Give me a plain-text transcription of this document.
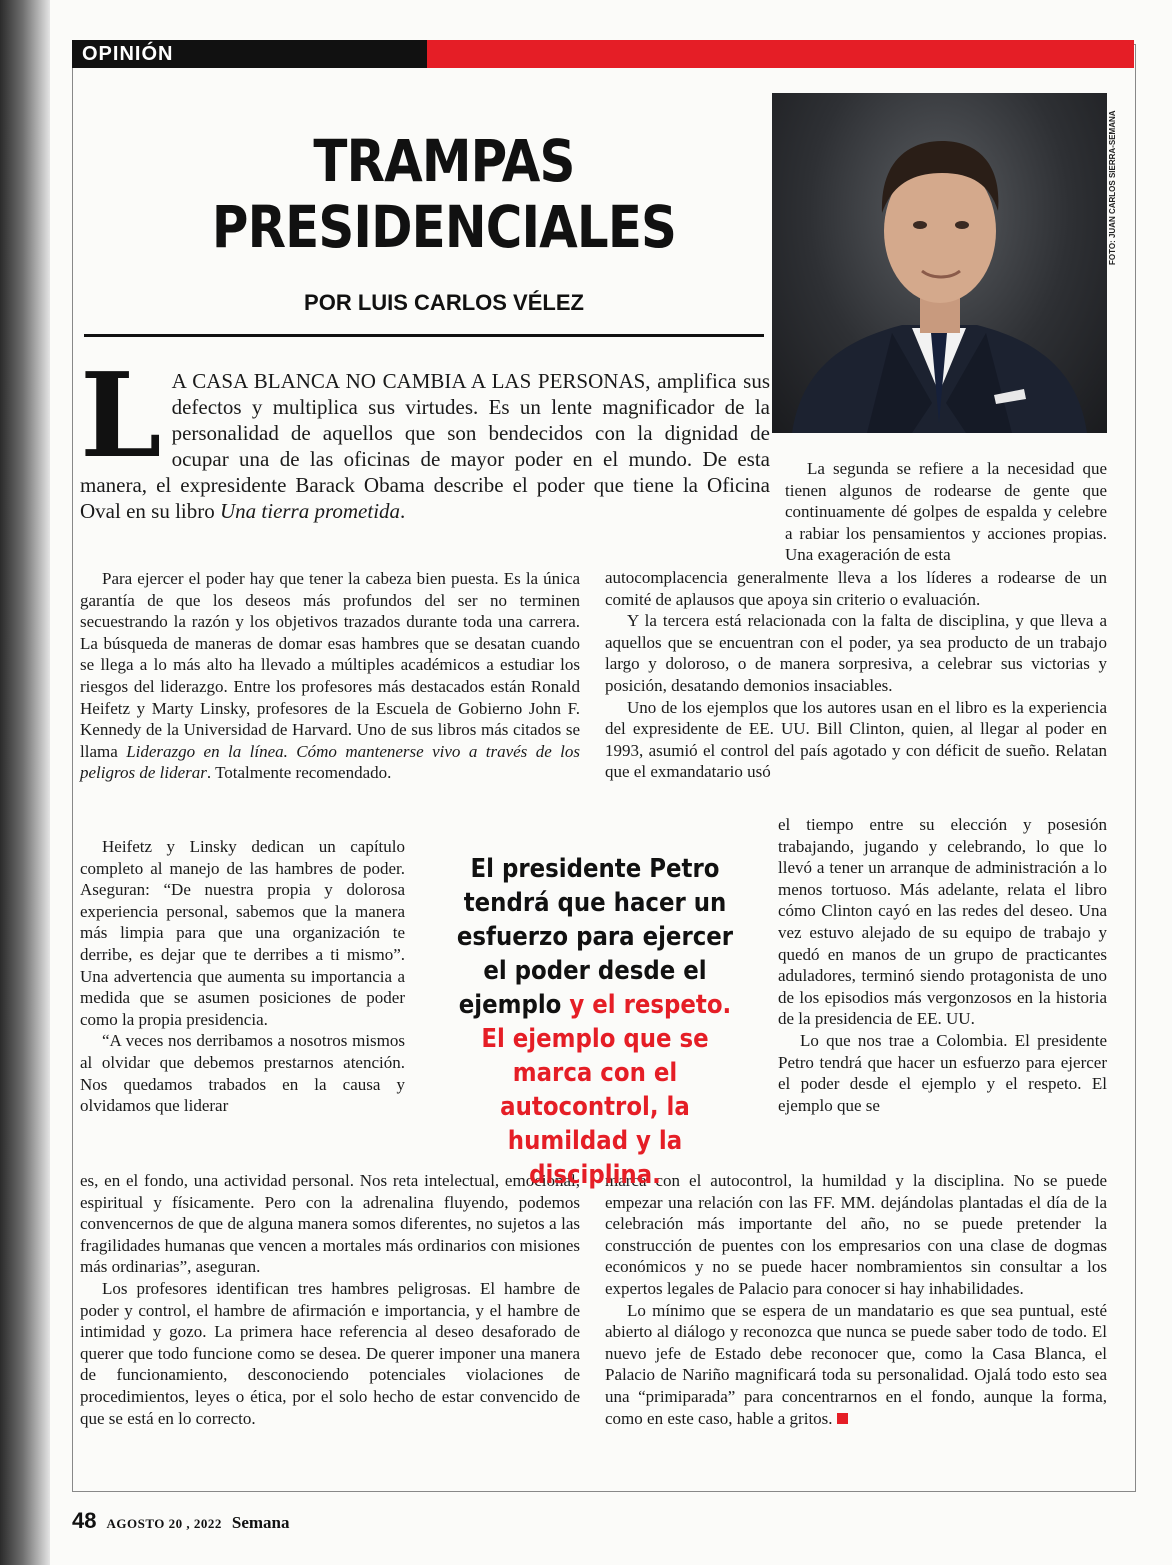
OPINIÓN
TRAMPAS
PRESIDENCIALES
POR LUIS CARLOS VÉLEZ
FOTO: JUAN CARLOS SIERRA-SEMANA
LA CASA BLANCA NO CAMBIA A LAS PERSONAS, amplifica sus defectos y multiplica sus virtudes. Es un lente magnificador de la personalidad de aquellos que son bendecidos con la dignidad de ocupar una de las oficinas de mayor poder en el mundo. De esta manera, el expresidente Barack Obama describe el poder que tiene la Oficina Oval en su libro Una tierra prometida.

Para ejercer el poder hay que tener la cabeza bien puesta. Es la única garantía de que los deseos más profundos del ser no terminen secuestrando la razón y los objetivos trazados durante toda una carrera. La búsqueda de maneras de domar esas hambres que se desatan cuando se llega a lo más alto ha llevado a múltiples académicos a estudiar los riesgos del liderazgo. Entre los profesores más destacados están Ronald Heifetz y Marty Linsky, profesores de la Escuela de Gobierno John F. Kennedy de la Universidad de Harvard. Uno de sus libros más citados se llama Liderazgo en la línea. Cómo mantenerse vivo a través de los peligros de liderar. Totalmente recomendado.

Heifetz y Linsky dedican un capítulo completo al manejo de las hambres de poder. Aseguran: “De nuestra propia y dolorosa experiencia personal, sabemos que la manera más limpia para que una organización te derribe, es dejar que te derribes a ti mismo”. Una advertencia que aumenta su importancia a medida que se asumen posiciones de poder como la propia presidencia.

“A veces nos derribamos a nosotros mismos al olvidar que debemos prestarnos atención. Nos quedamos trabados en la causa y olvidamos que liderar

es, en el fondo, una actividad personal. Nos reta intelectual, emocional, espiritual y físicamente. Pero con la adrenalina fluyendo, podemos convencernos de que de alguna manera somos diferentes, no sujetos a las fragilidades humanas que vencen a mortales más ordinarios con misiones más ordinarias”, aseguran.

Los profesores identifican tres hambres peligrosas. El hambre de poder y control, el hambre de afirmación e importancia, y el hambre de intimidad y gozo. La primera hace referencia al deseo desaforado de querer que todo funcione como se desea. De querer imponer una manera de funcionamiento, desconociendo potenciales violaciones de procedimientos, leyes o ética, por el solo hecho de estar convencido de que se está en lo correcto.

La segunda se refiere a la necesidad que tienen algunos de rodearse de gente que continuamente dé golpes de espalda y celebre a rabiar los pensamientos y acciones propias. Una exageración de esta

autocomplacencia generalmente lleva a los líderes a rodearse de un comité de aplausos que apoya sin criterio o evaluación.

Y la tercera está relacionada con la falta de disciplina, y que lleva a aquellos que se encuentran con el poder, ya sea producto de un trabajo largo y doloroso, o de manera sorpresiva, a celebrar sus victorias y posición, desatando demonios insaciables.

Uno de los ejemplos que los autores usan en el libro es la experiencia del expresidente de EE. UU. Bill Clinton, quien, al llegar al poder en 1993, asumió el control del país agotado y con déficit de sueño. Relatan que el exmandatario usó

el tiempo entre su elección y posesión trabajando, jugando y celebrando, lo que lo llevó a tener un arranque de administración a lo menos tortuoso. Más adelante, relata el libro cómo Clinton cayó en las redes del deseo. Una vez estuvo alejado de su equipo de trabajo y quedó en manos de un grupo de practicantes aduladores, terminó siendo protagonista de uno de los episodios más vergonzosos en la historia de la presidencia de EE. UU.

Lo que nos trae a Colombia. El presidente Petro tendrá que hacer un esfuerzo para ejercer el poder desde el ejemplo y el respeto. El ejemplo que se

marca con el autocontrol, la humildad y la disciplina. No se puede empezar una relación con las FF. MM. dejándolas plantadas el día de la celebración más importante del año, no se puede pretender la construcción de puentes con los empresarios con una clase de dogmas económicos y no se puede hacer nombramientos sin consultar a los expertos legales de Palacio para conocer si hay inhabilidades.

Lo mínimo que se espera de un mandatario es que sea puntual, esté abierto al diálogo y reconozca que nunca se puede saber todo de todo. El nuevo jefe de Estado debe reconocer que, como la Casa Blanca, el Palacio de Nariño magnificará toda su personalidad. Ojalá todo esto sea una “primiparada” para concentrarnos en el fondo, aunque la forma, como en este caso, hable a gritos.

El presidente Petro tendrá que hacer un esfuerzo para ejercer el poder desde el ejemplo y el respeto. El ejemplo que se marca con el autocontrol, la humildad y la disciplina.
48 AGOSTO 20 , 2022 Semana
